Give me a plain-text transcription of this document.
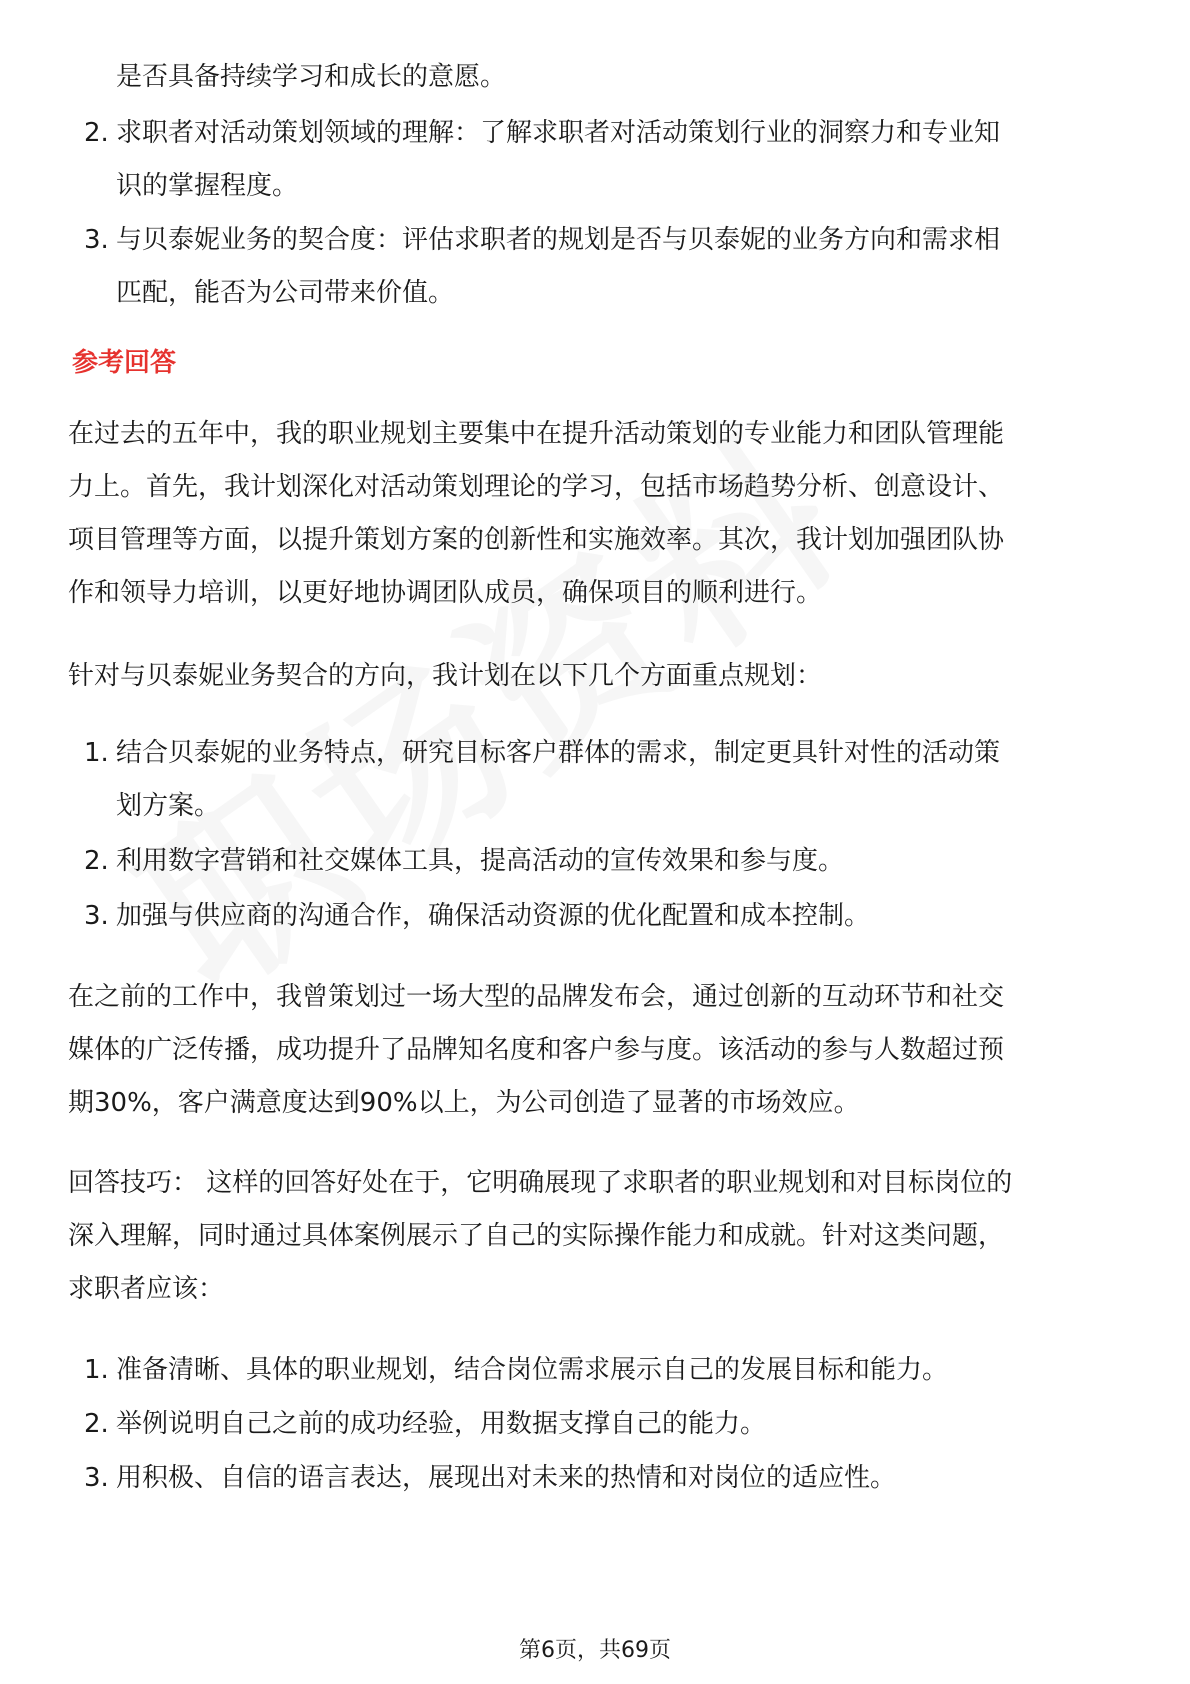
是否具备持续学习和成长的意愿。
2. 求职者对活动策划领域的理解：了解求职者对活动策划行业的洞察力和专业知
识的掌握程度。
3. 与贝泰妮业务的契合度：评估求职者的规划是否与贝泰妮的业务方向和需求相
匹配，能否为公司带来价值。
参考回答
在过去的五年中，我的职业规划主要集中在提升活动策划的专业能力和团队管理能
力上。首先，我计划深化对活动策划理论的学习，包括市场趋势分析、创意设计、
项目管理等方面，以提升策划方案的创新性和实施效率。其次，我计划加强团队协
作和领导力培训，以更好地协调团队成员，确保项目的顺利进行。
针对与贝泰妮业务契合的方向，我计划在以下几个方面重点规划：
1. 结合贝泰妮的业务特点，研究目标客户群体的需求，制定更具针对性的活动策
划方案。
2. 利用数字营销和社交媒体工具，提高活动的宣传效果和参与度。
3. 加强与供应商的沟通合作，确保活动资源的优化配置和成本控制。
在之前的工作中，我曾策划过一场大型的品牌发布会，通过创新的互动环节和社交
媒体的广泛传播，成功提升了品牌知名度和客户参与度。该活动的参与人数超过预
期30%，客户满意度达到90%以上，为公司创造了显著的市场效应。
回答技巧： 这样的回答好处在于，它明确展现了求职者的职业规划和对目标岗位的
深入理解，同时通过具体案例展示了自己的实际操作能力和成就。针对这类问题，
求职者应该：
1. 准备清晰、具体的职业规划，结合岗位需求展示自己的发展目标和能力。
2. 举例说明自己之前的成功经验，用数据支撑自己的能力。
3. 用积极、自信的语言表达，展现出对未来的热情和对岗位的适应性。
第6页，共69页
